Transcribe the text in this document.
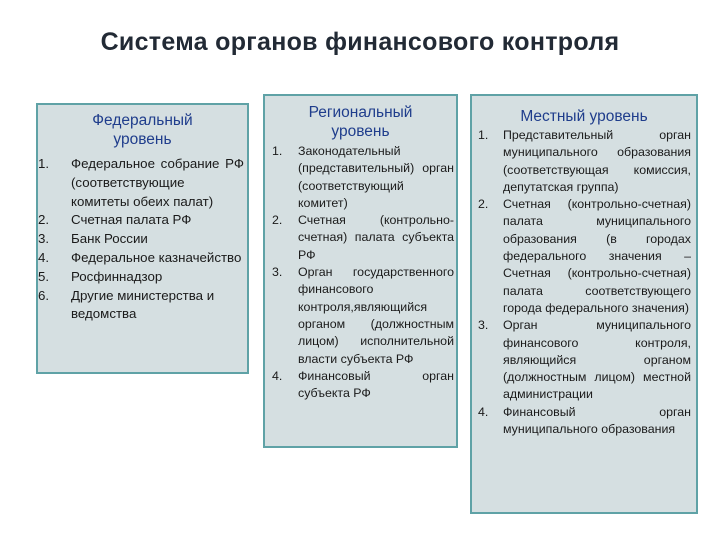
Система органов финансового контроля
Федеральный
уровень
1. Федеральное собрание РФ (соответствующие комитеты обеих палат)
2. Счетная палата РФ
3. Банк России
4. Федеральное казначейство
5. Росфиннадзор
6. Другие министерства и ведомства
Региональный
уровень
1. Законодательный (представительный) орган (соответствующий комитет)
2. Счетная (контрольно-счетная) палата субъекта РФ
3. Орган государственного финансового контроля,являющийся органом (должностным лицом) исполнительной власти субъекта РФ
4. Финансовый орган субъекта РФ
Местный уровень
1. Представительный орган муниципального образования (соответствующая комиссия, депутатская группа)
2. Счетная (контрольно-счетная) палата муниципального образования (в городах федерального значения – Счетная (контрольно-счетная) палата соответствующего города федерального значения)
3. Орган муниципального финансового контроля, являющийся органом (должностным лицом) местной администрации
4. Финансовый орган муниципального образования
